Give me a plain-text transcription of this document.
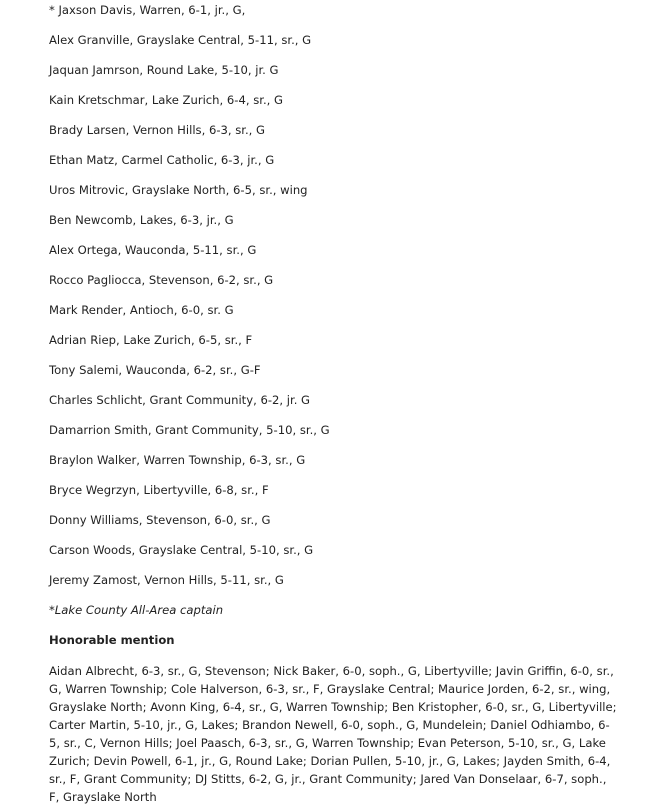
* Jaxson Davis, Warren, 6-1, jr., G,

Alex Granville, Grayslake Central, 5-11, sr., G

Jaquan Jamrson, Round Lake, 5-10, jr. G

Kain Kretschmar, Lake Zurich, 6-4, sr., G

Brady Larsen, Vernon Hills, 6-3, sr., G

Ethan Matz, Carmel Catholic, 6-3, jr., G

Uros Mitrovic, Grayslake North, 6-5, sr., wing

Ben Newcomb, Lakes, 6-3, jr., G

Alex Ortega, Wauconda, 5-11, sr., G

Rocco Pagliocca, Stevenson, 6-2, sr., G

Mark Render, Antioch, 6-0, sr. G

Adrian Riep, Lake Zurich, 6-5, sr., F

Tony Salemi, Wauconda, 6-2, sr., G-F

Charles Schlicht, Grant Community, 6-2, jr. G

Damarrion Smith, Grant Community, 5-10, sr., G

Braylon Walker, Warren Township, 6-3, sr., G

Bryce Wegrzyn, Libertyville, 6-8, sr., F

Donny Williams, Stevenson, 6-0, sr., G

Carson Woods, Grayslake Central, 5-10, sr., G

Jeremy Zamost, Vernon Hills, 5-11, sr., G

*Lake County All-Area captain

Honorable mention

Aidan Albrecht, 6-3, sr., G, Stevenson; Nick Baker, 6-0, soph., G, Libertyville; Javin Griffin, 6-0, sr., G, Warren Township; Cole Halverson, 6-3, sr., F, Grayslake Central; Maurice Jorden, 6-2, sr., wing, Grayslake North; Avonn King, 6-4, sr., G, Warren Township; Ben Kristopher, 6-0, sr., G, Libertyville; Carter Martin, 5-10, jr., G, Lakes; Brandon Newell, 6-0, soph., G, Mundelein; Daniel Odhiambo, 6-5, sr., C, Vernon Hills; Joel Paasch, 6-3, sr., G, Warren Township; Evan Peterson, 5-10, sr., G, Lake Zurich; Devin Powell, 6-1, jr., G, Round Lake; Dorian Pullen, 5-10, jr., G, Lakes; Jayden Smith, 6-4, sr., F, Grant Community; DJ Stitts, 6-2, G, jr., Grant Community; Jared Van Donselaar, 6-7, soph., F, Grayslake North
